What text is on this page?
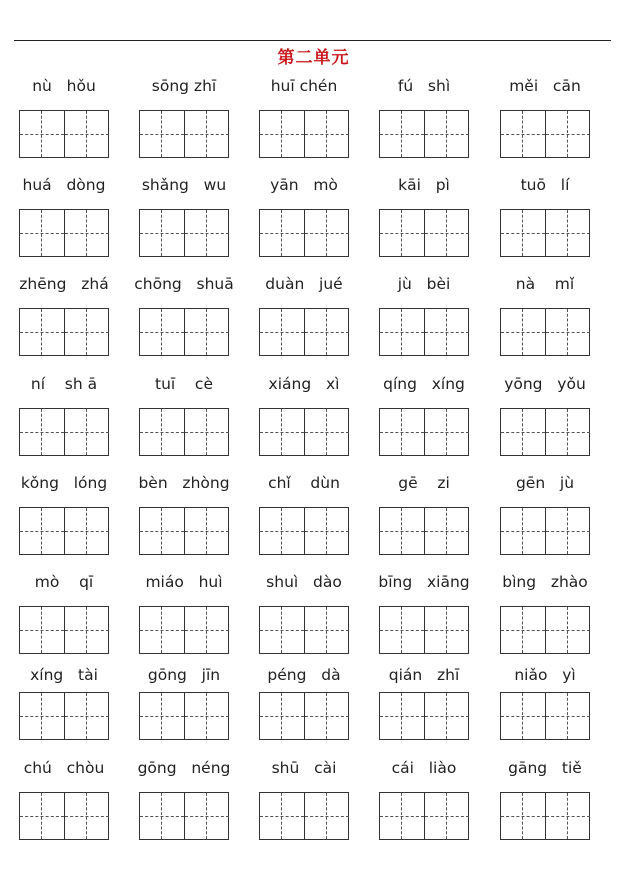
第二单元
nù   hǒu	sōng zhī	huī chén	fú   shì	měi   cān
huá   dòng	shǎng   wu	yān   mò	kāi   pì	tuō   lí
zhēng   zhá	chōng   shuā	duàn   jué	jù   bèi	nà    mǐ
ní    sh ā	tuī    cè	xiáng   xì	qíng   xíng	yōng   yǒu
kǒng   lóng	bèn   zhòng	chǐ    dùn	gē    zi	gēn   jù
mò    qī	miáo   huì	shuì   dào	bīng   xiāng	bìng   zhào
xíng   tài	gōng   jīn	péng   dà	qián   zhī	niǎo   yì
chú   chòu	gōng   néng	shū   cài	cái   liào	gāng   tiě
